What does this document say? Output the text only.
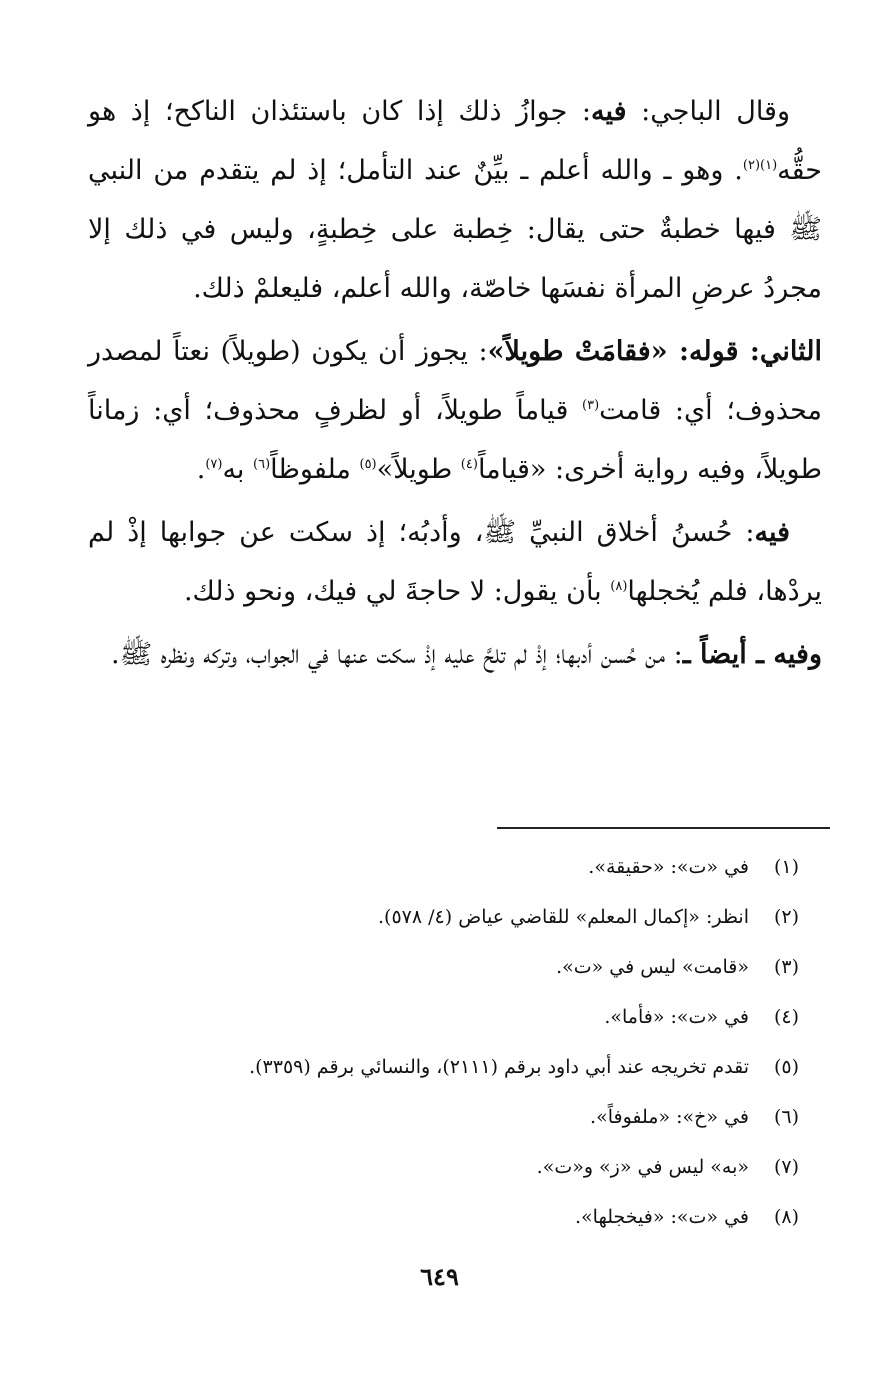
وقال الباجي: فيه: جوازُ ذلك إذا كان باستئذان الناكح؛ إذ هو حقُّه$^{(١)(٢)}$. وهو ـ والله أعلم ـ بيِّنٌ عند التأمل؛ إذ لم يتقدم من النبي ﷺ فيها خطبةٌ حتى يقال: خِطبة على خِطبةٍ، وليس في ذلك إلا مجردُ عرضِ المرأة نفسَها خاصّة، والله أعلم، فليعلمْ ذلك.

الثاني: قوله: «فقامَتْ طويلاً»: يجوز أن يكون (طويلاً) نعتاً لمصدر محذوف؛ أي: قامت$^{(٣)}$ قياماً طويلاً، أو لظرفٍ محذوف؛ أي: زماناً طويلاً، وفيه رواية أخرى: «قياماً$^{(٤)}$ طويلاً»$^{(٥)}$ ملفوظاً$^{(٦)}$ به$^{(٧)}$.

فيه: حُسنُ أخلاق النبيِّ ﷺ، وأدبُه؛ إذ سكت عن جوابها إذْ لم يردْها، فلم يُخجلها$^{(٨)}$ بأن يقول: لا حاجةَ لي فيك، ونحو ذلك.

وفيه ـ أيضاً ـ: من حُسن أدبها؛ إذْ لم تلحَّ عليه إذْ سكت عنها في الجواب، وتركه ونظره ﷺ.

(١)في «ت»: «حقيقة».
(٢)انظر: «إكمال المعلم» للقاضي عياض (٤/ ٥٧٨).
(٣)«قامت» ليس في «ت».
(٤)في «ت»: «فأما».
(٥)تقدم تخريجه عند أبي داود برقم (٢١١١)، والنسائي برقم (٣٣٥٩).
(٦)في «خ»: «ملفوفاً».
(٧)«به» ليس في «ز» و«ت».
(٨)في «ت»: «فيخجلها».
٦٤٩
